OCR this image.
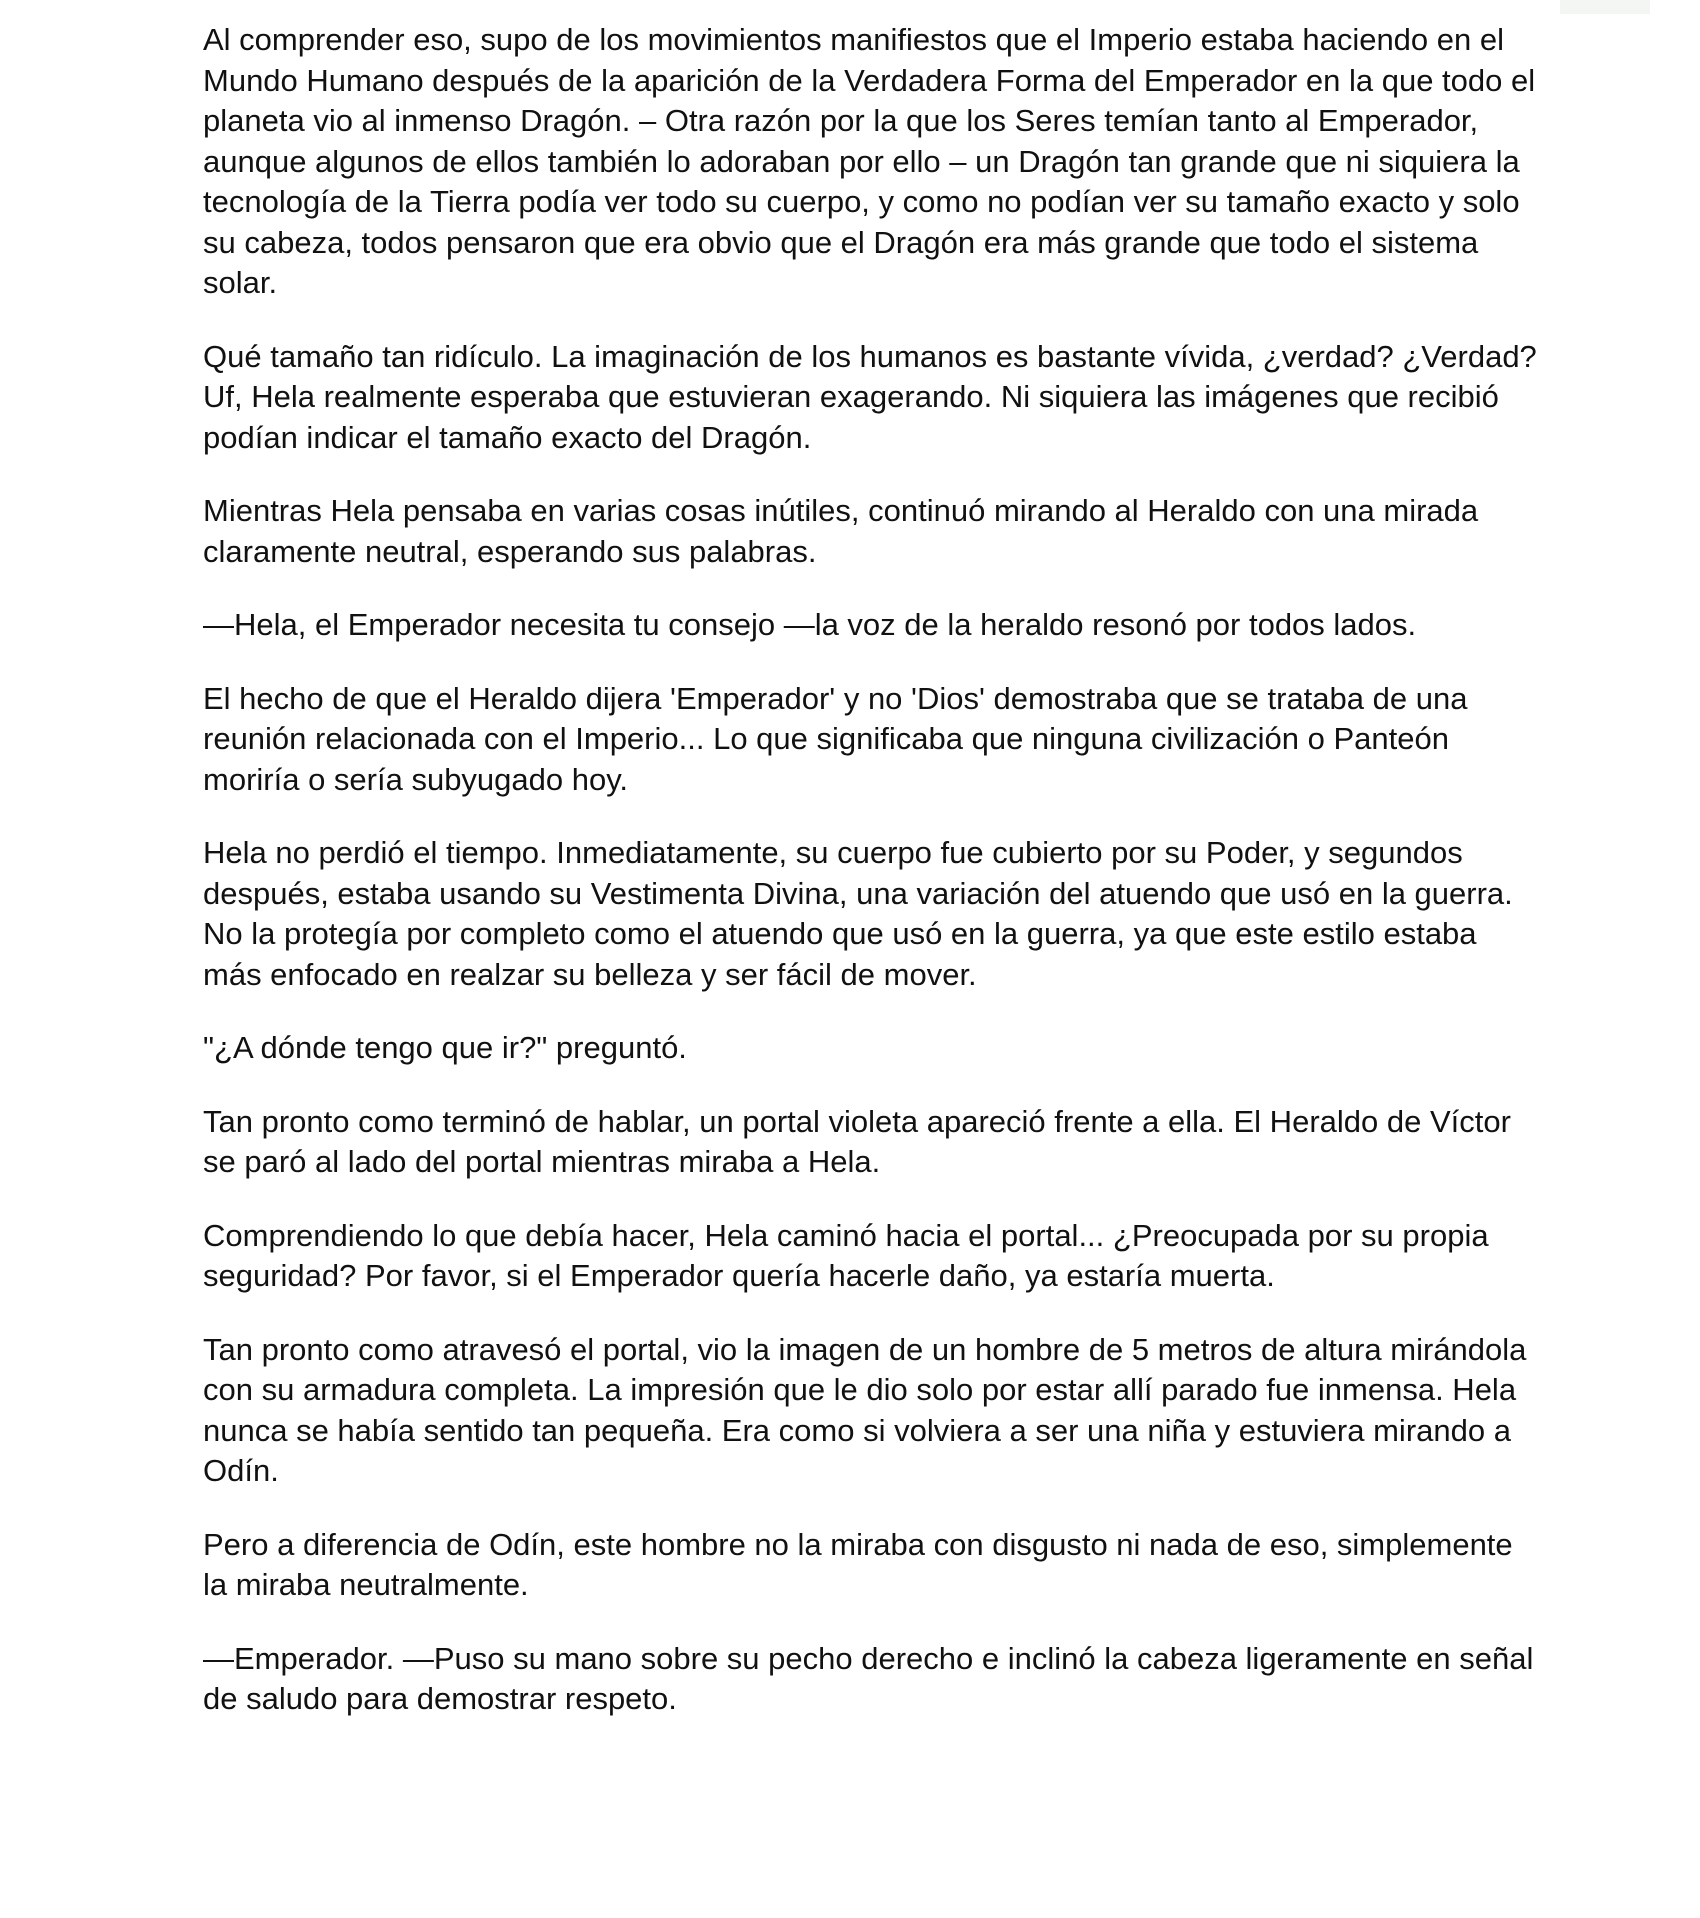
Al comprender eso, supo de los movimientos manifiestos que el Imperio estaba haciendo en el Mundo Humano después de la aparición de la Verdadera Forma del Emperador en la que todo el planeta vio al inmenso Dragón. – Otra razón por la que los Seres temían tanto al Emperador, aunque algunos de ellos también lo adoraban por ello – un Dragón tan grande que ni siquiera la tecnología de la Tierra podía ver todo su cuerpo, y como no podían ver su tamaño exacto y solo su cabeza, todos pensaron que era obvio que el Dragón era más grande que todo el sistema solar.

Qué tamaño tan ridículo. La imaginación de los humanos es bastante vívida, ¿verdad? ¿Verdad? Uf, Hela realmente esperaba que estuvieran exagerando. Ni siquiera las imágenes que recibió podían indicar el tamaño exacto del Dragón.

Mientras Hela pensaba en varias cosas inútiles, continuó mirando al Heraldo con una mirada claramente neutral, esperando sus palabras.

—Hela, el Emperador necesita tu consejo —la voz de la heraldo resonó por todos lados.

El hecho de que el Heraldo dijera 'Emperador' y no 'Dios' demostraba que se trataba de una reunión relacionada con el Imperio... Lo que significaba que ninguna civilización o Panteón moriría o sería subyugado hoy.

Hela no perdió el tiempo. Inmediatamente, su cuerpo fue cubierto por su Poder, y segundos después, estaba usando su Vestimenta Divina, una variación del atuendo que usó en la guerra. No la protegía por completo como el atuendo que usó en la guerra, ya que este estilo estaba más enfocado en realzar su belleza y ser fácil de mover.

"¿A dónde tengo que ir?" preguntó.

Tan pronto como terminó de hablar, un portal violeta apareció frente a ella. El Heraldo de Víctor se paró al lado del portal mientras miraba a Hela.

Comprendiendo lo que debía hacer, Hela caminó hacia el portal... ¿Preocupada por su propia seguridad? Por favor, si el Emperador quería hacerle daño, ya estaría muerta.

Tan pronto como atravesó el portal, vio la imagen de un hombre de 5 metros de altura mirándola con su armadura completa. La impresión que le dio solo por estar allí parado fue inmensa. Hela nunca se había sentido tan pequeña. Era como si volviera a ser una niña y estuviera mirando a Odín.

Pero a diferencia de Odín, este hombre no la miraba con disgusto ni nada de eso, simplemente la miraba neutralmente.

—Emperador. —Puso su mano sobre su pecho derecho e inclinó la cabeza ligeramente en señal de saludo para demostrar respeto.
